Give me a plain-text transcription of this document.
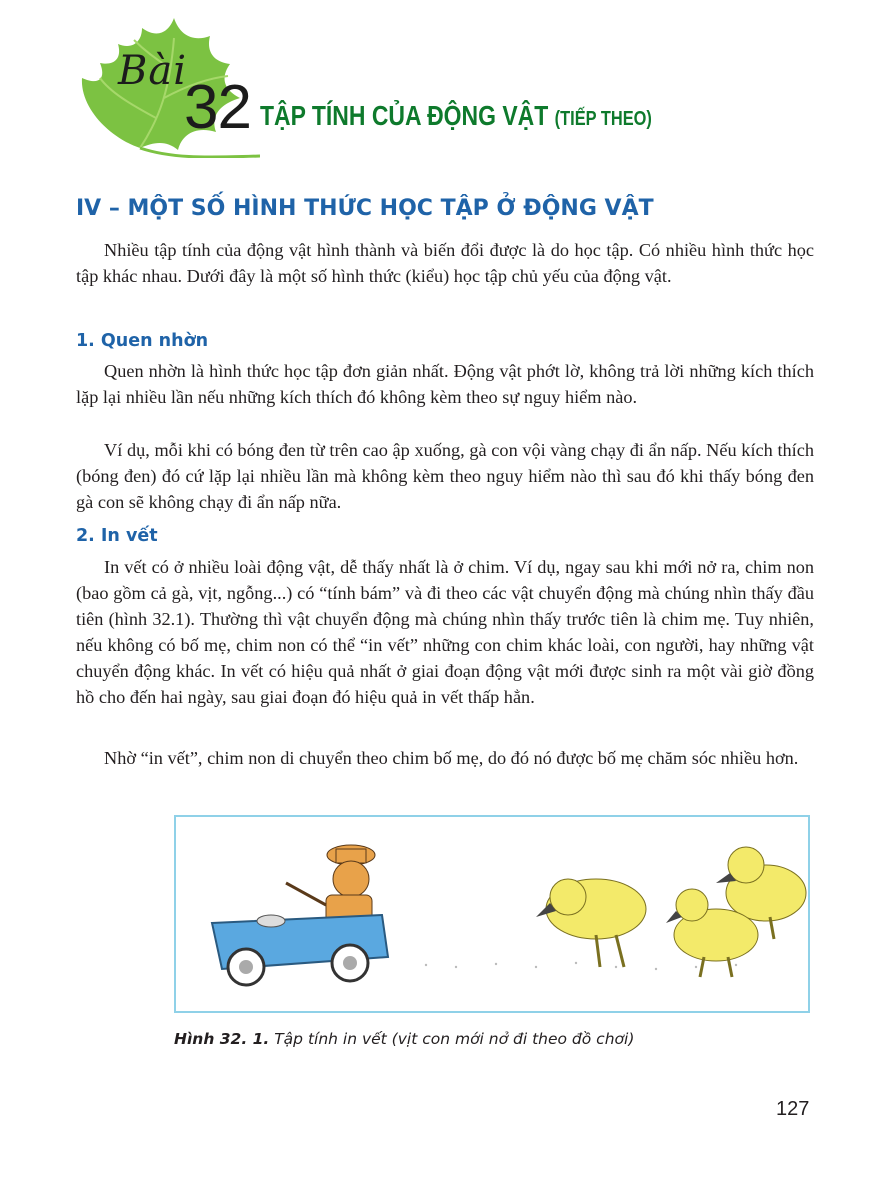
Bài
32 TẬP TÍNH CỦA ĐỘNG VẬT (TIẾP THEO)
IV – MỘT SỐ HÌNH THỨC HỌC TẬP Ở ĐỘNG VẬT

Nhiều tập tính của động vật hình thành và biến đổi được là do học tập. Có nhiều hình thức học tập khác nhau. Dưới đây là một số hình thức (kiểu) học tập chủ yếu của động vật.

1. Quen nhờn

Quen nhờn là hình thức học tập đơn giản nhất. Động vật phớt lờ, không trả lời những kích thích lặp lại nhiều lần nếu những kích thích đó không kèm theo sự nguy hiểm nào.

Ví dụ, mỗi khi có bóng đen từ trên cao ập xuống, gà con vội vàng chạy đi ẩn nấp. Nếu kích thích (bóng đen) đó cứ lặp lại nhiều lần mà không kèm theo nguy hiểm nào thì sau đó khi thấy bóng đen gà con sẽ không chạy đi ẩn nấp nữa.

2. In vết

In vết có ở nhiều loài động vật, dễ thấy nhất là ở chim. Ví dụ, ngay sau khi mới nở ra, chim non (bao gồm cả gà, vịt, ngỗng...) có “tính bám” và đi theo các vật chuyển động mà chúng nhìn thấy đầu tiên (hình 32.1). Thường thì vật chuyển động mà chúng nhìn thấy trước tiên là chim mẹ. Tuy nhiên, nếu không có bố mẹ, chim non có thể “in vết” những con chim khác loài, con người, hay những vật chuyển động khác. In vết có hiệu quả nhất ở giai đoạn động vật mới được sinh ra một vài giờ đồng hồ cho đến hai ngày, sau giai đoạn đó hiệu quả in vết thấp hẳn.

Nhờ “in vết”, chim non di chuyển theo chim bố mẹ, do đó nó được bố mẹ chăm sóc nhiều hơn.

Hình 32. 1. Tập tính in vết (vịt con mới nở đi theo đồ chơi)
127
